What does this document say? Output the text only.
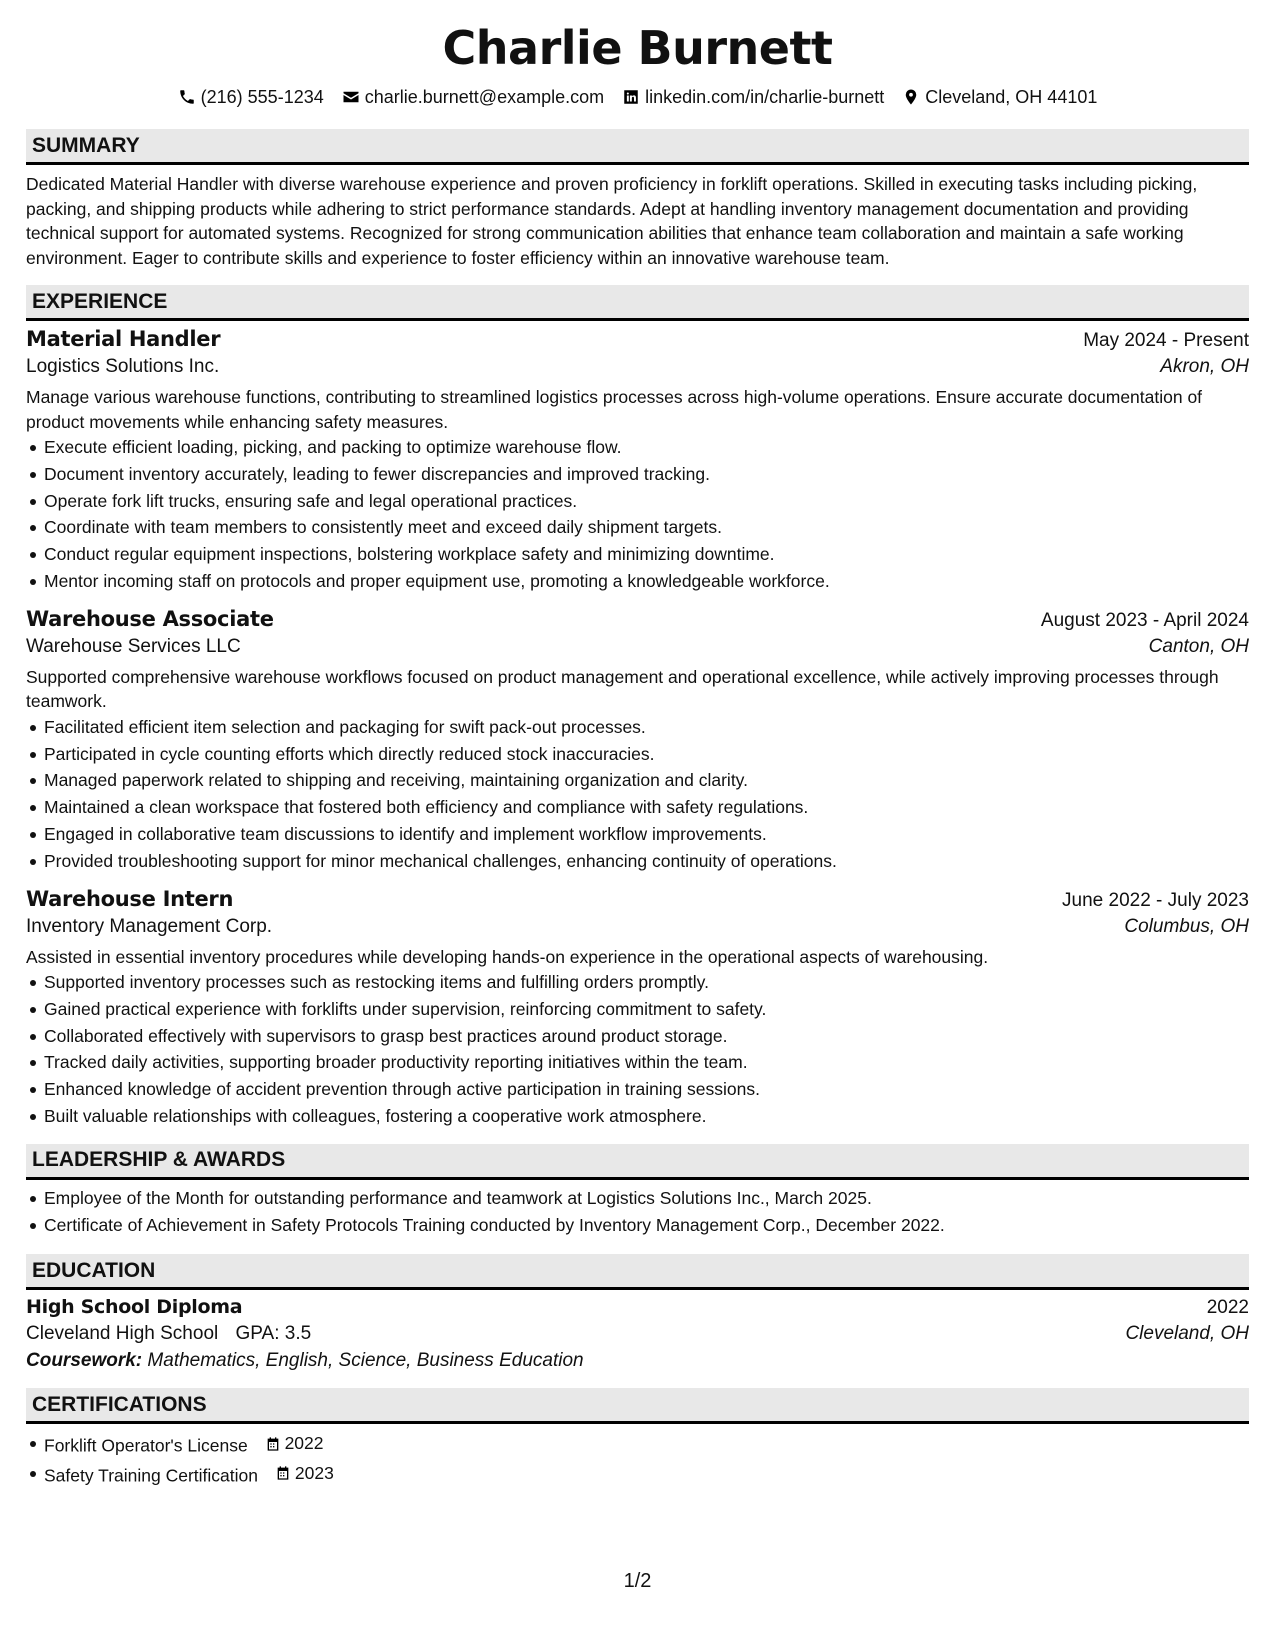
Charlie Burnett
(216) 555-1234 charlie.burnett@example.com linkedin.com/in/charlie-burnett Cleveland, OH 44101
SUMMARY

Dedicated Material Handler with diverse warehouse experience and proven proficiency in forklift operations. Skilled in executing tasks including picking, packing, and shipping products while adhering to strict performance standards. Adept at handling inventory management documentation and providing technical support for automated systems. Recognized for strong communication abilities that enhance team collaboration and maintain a safe working environment. Eager to contribute skills and experience to foster efficiency within an innovative warehouse team.

EXPERIENCE
Material Handler	May 2024 - Present
Logistics Solutions Inc.	Akron, OH

Manage various warehouse functions, contributing to streamlined logistics processes across high-volume operations. Ensure accurate documentation of product movements while enhancing safety measures.

Execute efficient loading, picking, and packing to optimize warehouse flow.
Document inventory accurately, leading to fewer discrepancies and improved tracking.
Operate fork lift trucks, ensuring safe and legal operational practices.
Coordinate with team members to consistently meet and exceed daily shipment targets.
Conduct regular equipment inspections, bolstering workplace safety and minimizing downtime.
Mentor incoming staff on protocols and proper equipment use, promoting a knowledgeable workforce.
Warehouse Associate	August 2023 - April 2024
Warehouse Services LLC	Canton, OH

Supported comprehensive warehouse workflows focused on product management and operational excellence, while actively improving processes through teamwork.

Facilitated efficient item selection and packaging for swift pack-out processes.
Participated in cycle counting efforts which directly reduced stock inaccuracies.
Managed paperwork related to shipping and receiving, maintaining organization and clarity.
Maintained a clean workspace that fostered both efficiency and compliance with safety regulations.
Engaged in collaborative team discussions to identify and implement workflow improvements.
Provided troubleshooting support for minor mechanical challenges, enhancing continuity of operations.
Warehouse Intern	June 2022 - July 2023
Inventory Management Corp.	Columbus, OH

Assisted in essential inventory procedures while developing hands-on experience in the operational aspects of warehousing.

Supported inventory processes such as restocking items and fulfilling orders promptly.
Gained practical experience with forklifts under supervision, reinforcing commitment to safety.
Collaborated effectively with supervisors to grasp best practices around product storage.
Tracked daily activities, supporting broader productivity reporting initiatives within the team.
Enhanced knowledge of accident prevention through active participation in training sessions.
Built valuable relationships with colleagues, fostering a cooperative work atmosphere.
LEADERSHIP & AWARDS
Employee of the Month for outstanding performance and teamwork at Logistics Solutions Inc., March 2025.
Certificate of Achievement in Safety Protocols Training conducted by Inventory Management Corp., December 2022.
EDUCATION
High School Diploma	2022
Cleveland High School GPA: 3.5	Cleveland, OH
Coursework: Mathematics, English, Science, Business Education
CERTIFICATIONS
Forklift Operator's License 2022
Safety Training Certification 2023
1/2
